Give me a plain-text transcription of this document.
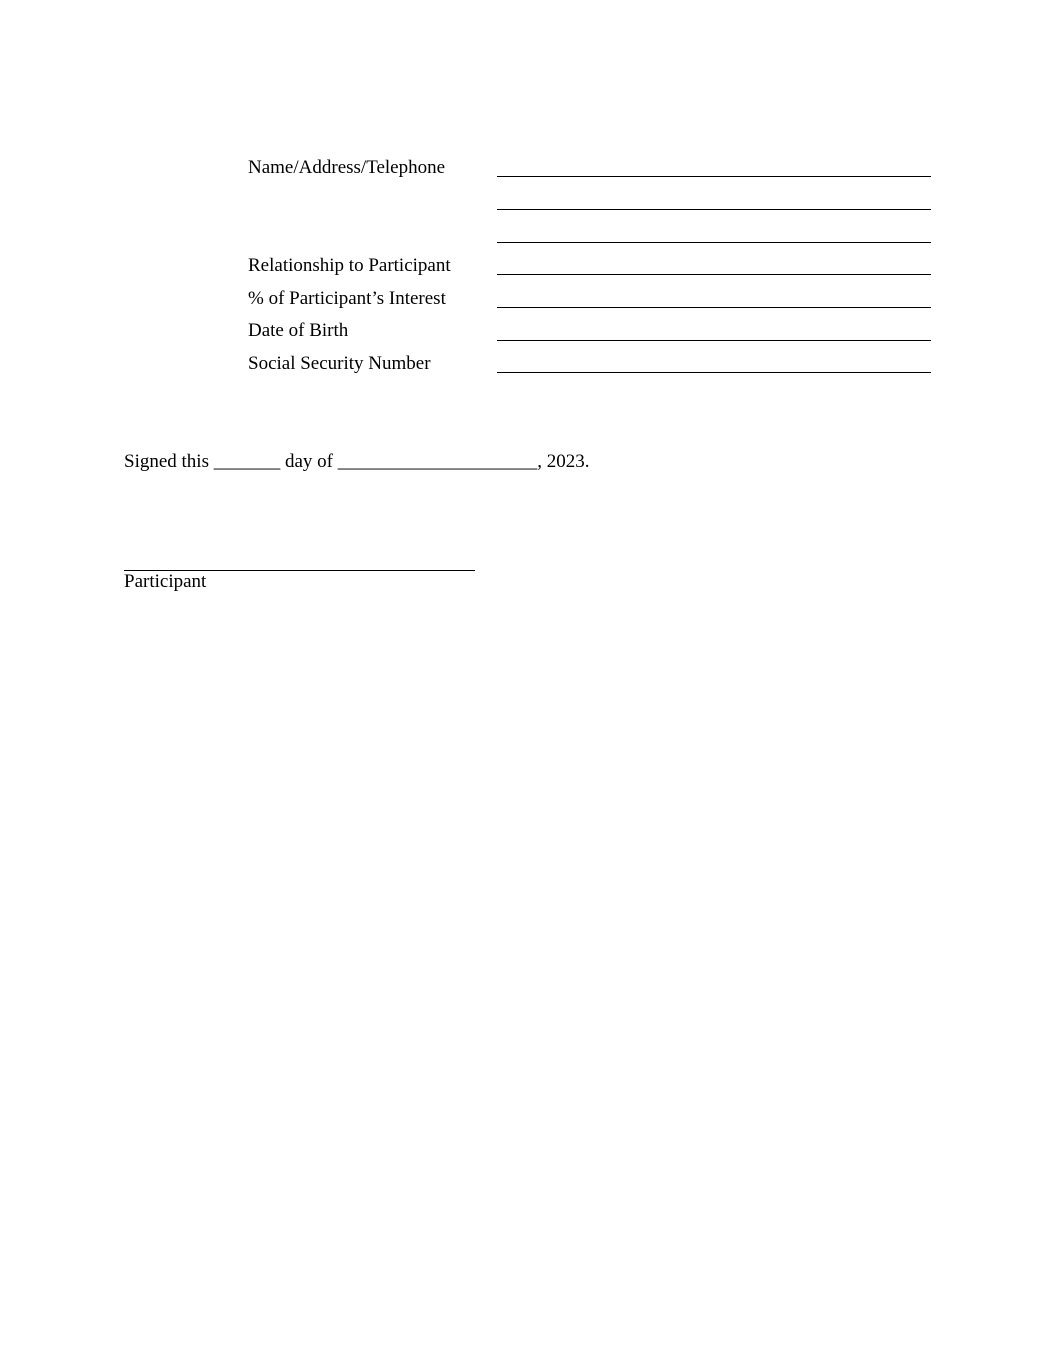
Name/Address/Telephone
Relationship to Participant
% of Participant’s Interest
Date of Birth
Social Security Number
Signed this _______ day of _____________________, 2023.
Participant
